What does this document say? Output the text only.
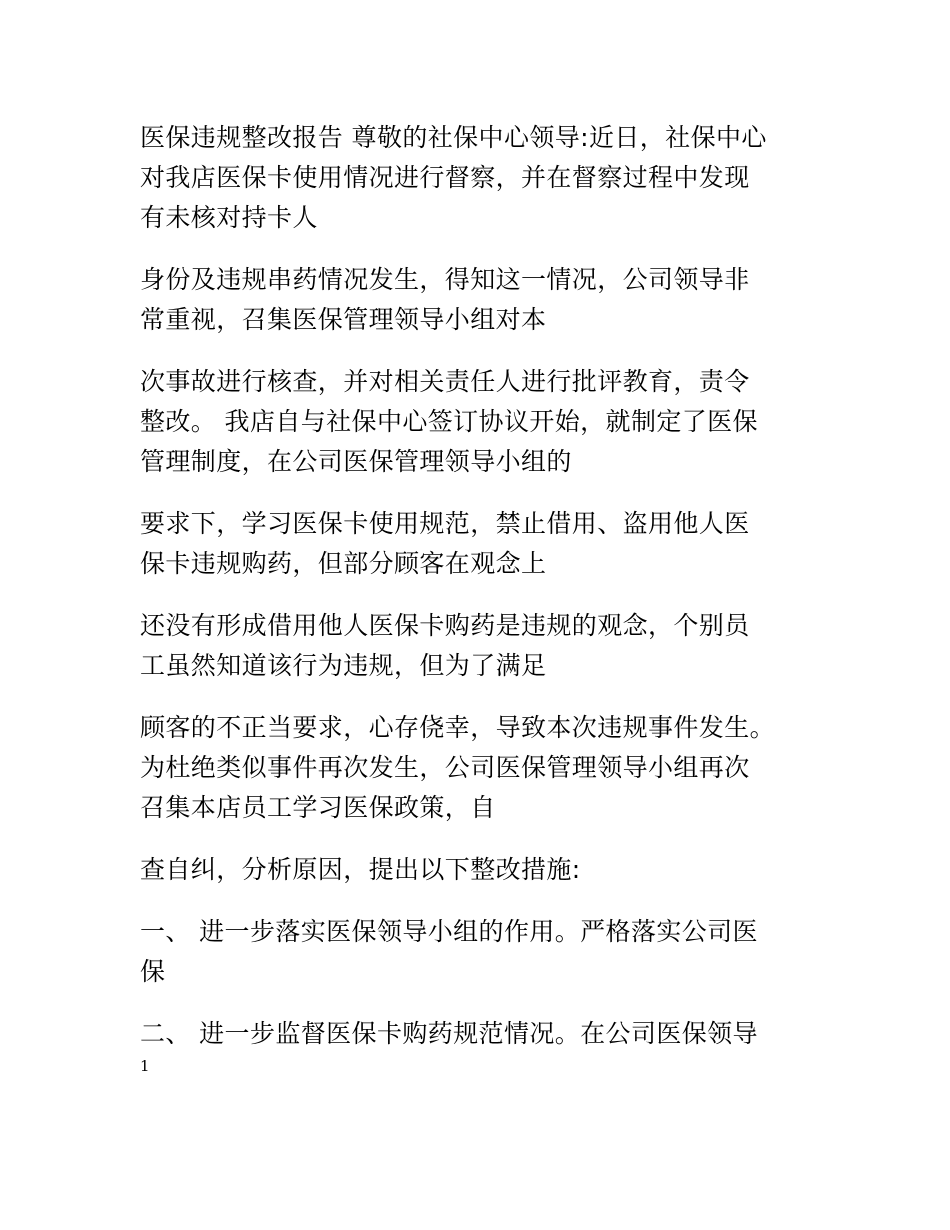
医保违规整改报告 尊敬的社保中心领导:近日，社保中心
对我店医保卡使用情况进行督察，并在督察过程中发现
有未核对持卡人

身份及违规串药情况发生，得知这一情况，公司领导非
常重视，召集医保管理领导小组对本

次事故进行核查，并对相关责任人进行批评教育，责令
整改。 我店自与社保中心签订协议开始，就制定了医保
管理制度，在公司医保管理领导小组的

要求下，学习医保卡使用规范，禁止借用、盗用他人医
保卡违规购药，但部分顾客在观念上

还没有形成借用他人医保卡购药是违规的观念，个别员
工虽然知道该行为违规，但为了满足

顾客的不正当要求，心存侥幸，导致本次违规事件发生。
为杜绝类似事件再次发生，公司医保管理领导小组再次
召集本店员工学习医保政策，自

查自纠，分析原因，提出以下整改措施:

一、 进一步落实医保领导小组的作用。严格落实公司医
保

二、 进一步监督医保卡购药规范情况。在公司医保领导

1
